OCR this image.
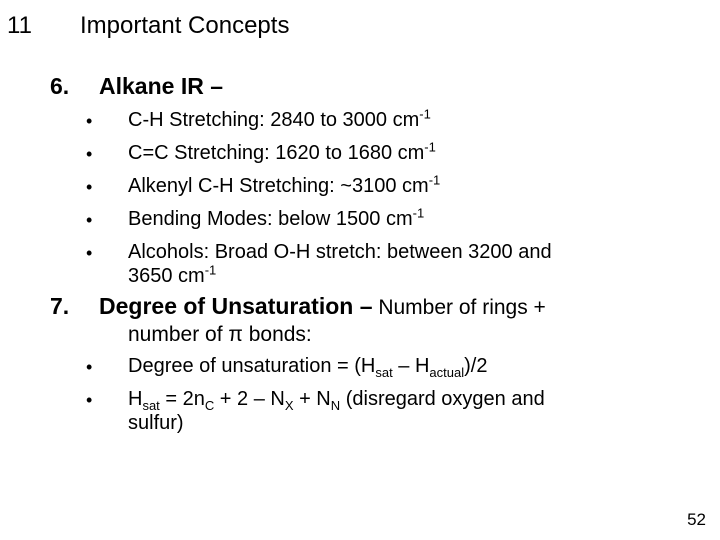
11 Important Concepts
6. Alkane IR –
• C-H Stretching: 2840 to 3000 $cm^{-1}$
• C=C Stretching: 1620 to 1680 $cm^{-1}$
• Alkenyl C-H Stretching: ~3100 $cm^{-1}$
• Bending Modes: below 1500 $cm^{-1}$
• Alcohols: Broad O-H stretch: between 3200 and
3650 $cm^{-1}$
7. Degree of Unsaturation – Number of rings +
number of π bonds:
• Degree of unsaturation = $(H_{sat} - H_{actual})/2$
• $H_{sat} = 2n_C + 2 - N_X + N_N$ (disregard oxygen and
sulfur)
52
